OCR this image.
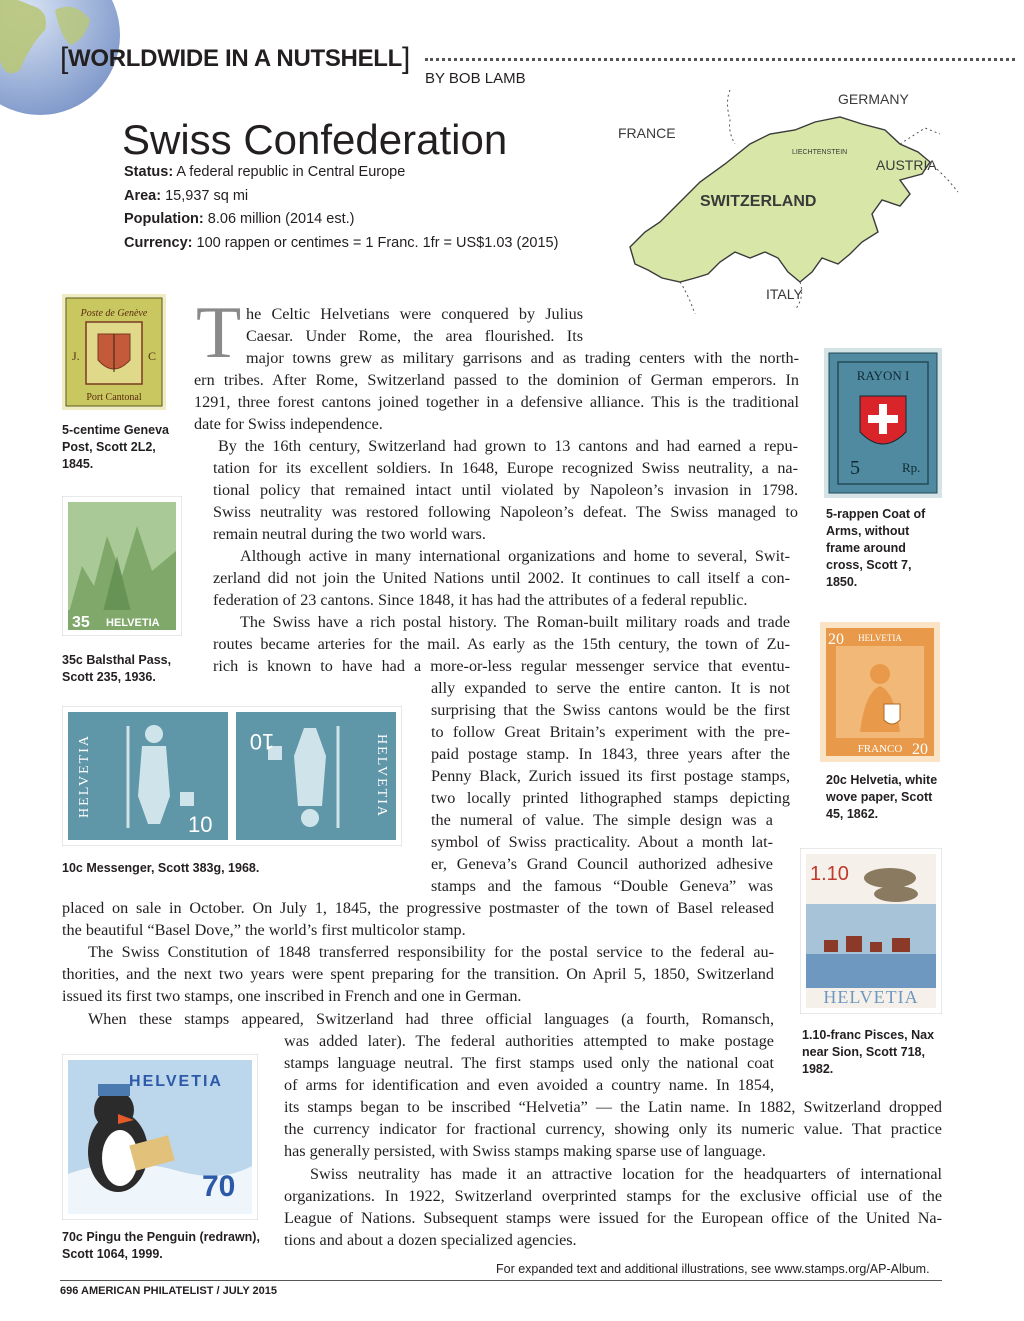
[WORLDWIDE IN A NUTSHELL]
BY BOB LAMB
Swiss Confederation
Status: A federal republic in Central Europe
Area: 15,937 sq mi
Population: 8.06 million (2014 est.)
Currency: 100 rappen or centimes = 1 Franc. 1fr = US$1.03 (2015)
GERMANY
FRANCE
LIECHTENSTEIN
AUSTRIA
SWITZERLAND
ITALY
T he Celtic Helvetians were conquered by Julius
Caesar. Under Rome, the area flourished. Its
major towns grew as military garrisons and as trading centers with the north-
ern tribes. After Rome, Switzerland passed to the dominion of German emperors. In
1291, three forest cantons joined together in a defensive alliance. This is the traditional
date for Swiss independence.
By the 16th century, Switzerland had grown to 13 cantons and had earned a repu-
tation for its excellent soldiers. In 1648, Europe recognized Swiss neutrality, a na-
tional policy that remained intact until violated by Napoleon’s invasion in 1798.
Swiss neutrality was restored following Napoleon’s defeat. The Swiss managed to
remain neutral during the two world wars.
Although active in many international organizations and home to several, Swit-
zerland did not join the United Nations until 2002. It continues to call itself a con-
federation of 23 cantons. Since 1848, it has had the attributes of a federal republic.
The Swiss have a rich postal history. The Roman-built military roads and trade
routes became arteries for the mail. As early as the 15th century, the town of Zu-
rich is known to have had a more-or-less regular messenger service that eventu-
ally expanded to serve the entire canton. It is not
surprising that the Swiss cantons would be the first
to follow Great Britain’s experiment with the pre-
paid postage stamp. In 1843, three years after the
Penny Black, Zurich issued its first postage stamps,
two locally printed lithographed stamps depicting
the numeral of value. The simple design was a
symbol of Swiss practicality. About a month lat-
er, Geneva’s Grand Council authorized adhesive
stamps and the famous “Double Geneva” was
placed on sale in October. On July 1, 1845, the progressive postmaster of the town of Basel released
the beautiful “Basel Dove,” the world’s first multicolor stamp.
The Swiss Constitution of 1848 transferred responsibility for the postal service to the federal au-
thorities, and the next two years were spent preparing for the transition. On April 5, 1850, Switzerland
issued its first two stamps, one inscribed in French and one in German.
When these stamps appeared, Switzerland had three official languages (a fourth, Romansch,
was added later). The federal authorities attempted to make postage
stamps language neutral. The first stamps used only the national coat
of arms for identification and even avoided a country name. In 1854,
its stamps began to be inscribed “Helvetia” — the Latin name. In 1882, Switzerland dropped
the currency indicator for fractional currency, showing only its numeric value. That practice
has generally persisted, with Swiss stamps making sparse use of language.
Swiss neutrality has made it an attractive location for the headquarters of international
organizations. In 1922, Switzerland overprinted stamps for the exclusive official use of the
League of Nations. Subsequent stamps were issued for the European office of the United Na-
tions and about a dozen specialized agencies.
Poste de Genève
J.	C
Port Cantonal
5-centime Geneva Post, Scott 2L2, 1845.
RAYON I
5	Rp.
5-rappen Coat of Arms, without frame around cross, Scott 7, 1850.
35 HELVETIA
35c Balsthal Pass, Scott 235, 1936.
20 HELVETIA
FRANCO 20
20c Helvetia, white wove paper, Scott 45, 1862.
HELVETIA
10
HELVETIA
10
10c Messenger, Scott 383g, 1968.	1.10
HELVETIA
1.10-franc Pisces, Nax near Sion, Scott 718, 1982.
HELVETIA
70
70c Pingu the Penguin (redrawn), Scott 1064, 1999.
For expanded text and additional illustrations, see www.stamps.org/AP-Album.
696 AMERICAN PHILATELIST / JULY 2015
